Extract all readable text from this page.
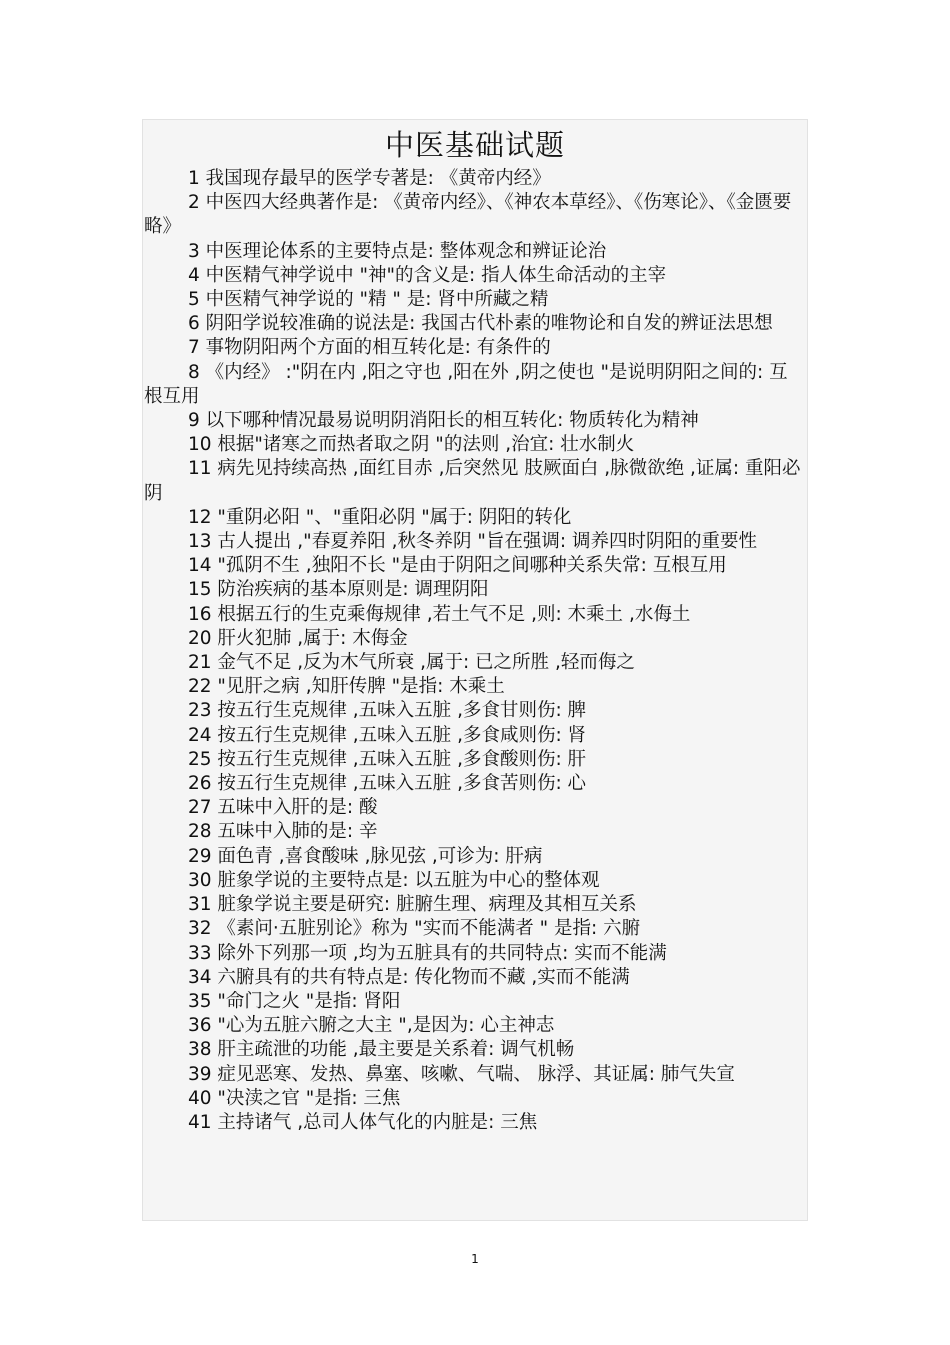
中医基础试题

1 我国现存最早的医学专著是: 《黄帝内经》

2 中医四大经典著作是: 《黄帝内经》、《神农本草经》、《伤寒论》、《金匮要略》

3 中医理论体系的主要特点是: 整体观念和辨证论治

4 中医精气神学说中 "神"的含义是: 指人体生命活动的主宰

5 中医精气神学说的 "精 " 是: 肾中所藏之精

6 阴阳学说较准确的说法是: 我国古代朴素的唯物论和自发的辨证法思想

7 事物阴阳两个方面的相互转化是: 有条件的

8 《内经》 :"阴在内 ,阳之守也 ,阳在外 ,阴之使也 "是说明阴阳之间的: 互根互用

9 以下哪种情况最易说明阴消阳长的相互转化: 物质转化为精神

10 根据"诸寒之而热者取之阴 "的法则 ,治宜: 壮水制火

11 病先见持续高热 ,面红目赤 ,后突然见 肢厥面白 ,脉微欲绝 ,证属: 重阳必阴

12 "重阴必阳 "、"重阳必阴 "属于: 阴阳的转化

13 古人提出 ,"春夏养阳 ,秋冬养阴 "旨在强调: 调养四时阴阳的重要性

14 "孤阴不生 ,独阳不长 "是由于阴阳之间哪种关系失常: 互根互用

15 防治疾病的基本原则是: 调理阴阳

16 根据五行的生克乘侮规律 ,若土气不足 ,则: 木乘土 ,水侮土

20 肝火犯肺 ,属于: 木侮金

21 金气不足 ,反为木气所衰 ,属于: 已之所胜 ,轻而侮之

22 "见肝之病 ,知肝传脾 "是指: 木乘土

23 按五行生克规律 ,五味入五脏 ,多食甘则伤: 脾

24 按五行生克规律 ,五味入五脏 ,多食咸则伤: 肾

25 按五行生克规律 ,五味入五脏 ,多食酸则伤: 肝

26 按五行生克规律 ,五味入五脏 ,多食苦则伤: 心

27 五味中入肝的是: 酸

28 五味中入肺的是: 辛

29 面色青 ,喜食酸味 ,脉见弦 ,可诊为: 肝病

30 脏象学说的主要特点是: 以五脏为中心的整体观

31 脏象学说主要是研究: 脏腑生理、病理及其相互关系

32 《素问·五脏别论》称为 "实而不能满者 " 是指: 六腑

33 除外下列那一项 ,均为五脏具有的共同特点: 实而不能满

34 六腑具有的共有特点是: 传化物而不藏 ,实而不能满

35 "命门之火 "是指: 肾阳

36 "心为五脏六腑之大主 ",是因为: 心主神志

38 肝主疏泄的功能 ,最主要是关系着: 调气机畅

39 症见恶寒、发热、鼻塞、咳嗽、气喘、 脉浮、其证属: 肺气失宣

40 "决渎之官 "是指: 三焦

41 主持诸气 ,总司人体气化的内脏是: 三焦

1
